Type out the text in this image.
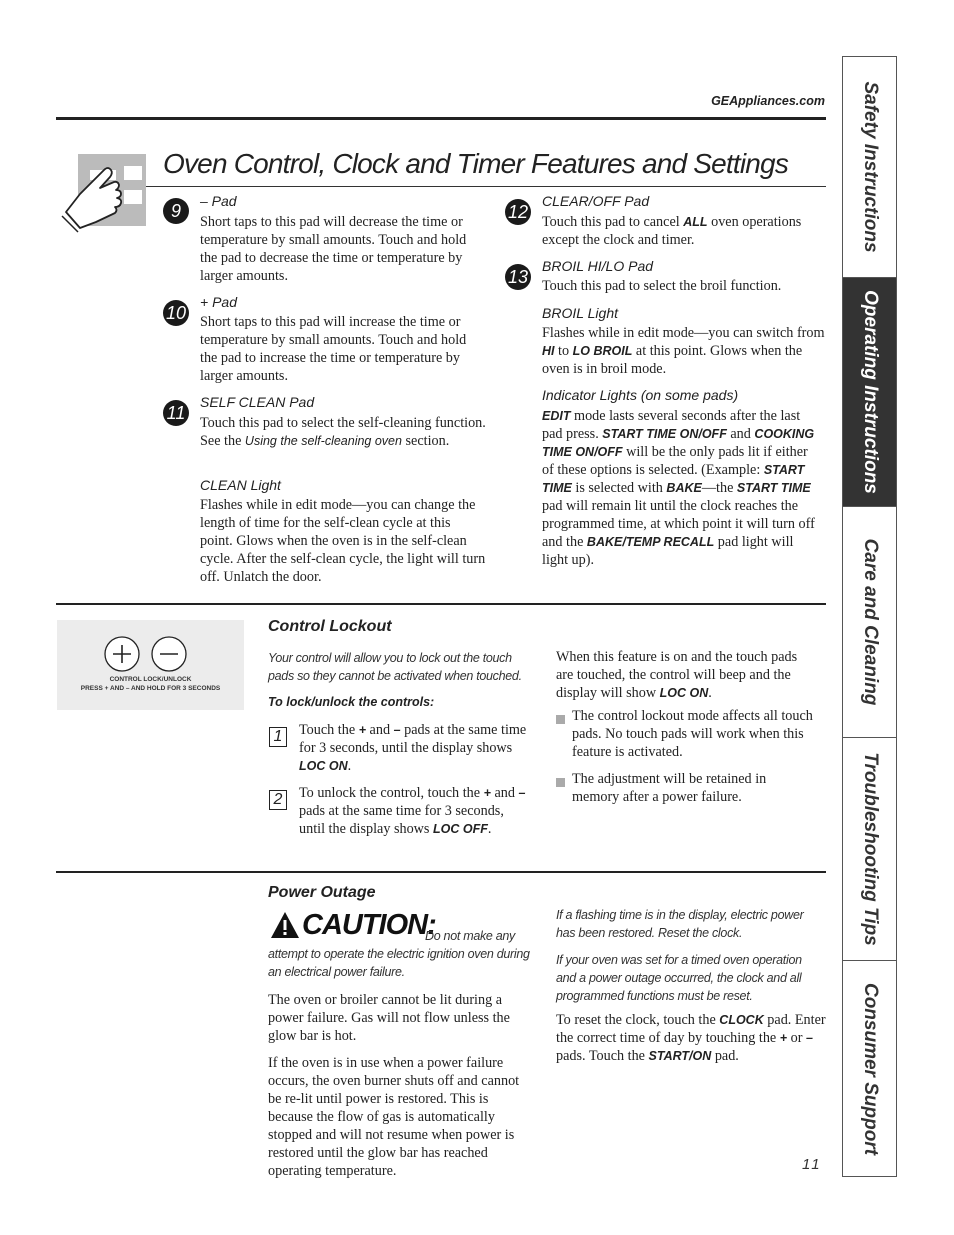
GEAppliances.com
Oven Control, Clock and Timer Features and Settings
9	– Pad
Short taps to this pad will decrease the time or temperature by small amounts. Touch and hold the pad to decrease the time or temperature by larger amounts.
10
+ Pad
Short taps to this pad will increase the time or temperature by small amounts. Touch and hold the pad to increase the time or temperature by larger amounts.
11
SELF CLEAN Pad
Touch this pad to select the self-cleaning function. See the Using the self-cleaning oven section.
CLEAN Light
Flashes while in edit mode—you can change the length of time for the self-clean cycle at this point. Glows when the oven is in the self-clean cycle. After the self-clean cycle, the light will turn off. Unlatch the door.
12
CLEAR/OFF Pad
Touch this pad to cancel ALL oven operations except the clock and timer.
13
BROIL HI/LO Pad
Touch this pad to select the broil function.
BROIL Light
Flashes while in edit mode—you can switch from HI to LO BROIL at this point. Glows when the oven is in broil mode.
Indicator Lights (on some pads)
EDIT mode lasts several seconds after the last pad press. START TIME ON/OFF and COOKING TIME ON/OFF will be the only pads lit if either of these options is selected. (Example: START TIME is selected with BAKE—the START TIME pad will remain lit until the clock reaches the programmed time, at which point it will turn off and the BAKE/TEMP RECALL pad light will light up).
CONTROL LOCK/UNLOCK
PRESS + AND – AND HOLD FOR 3 SECONDS
Control Lockout
Your control will allow you to lock out the touch pads so they cannot be activated when touched.
To lock/unlock the controls:
1	Touch the + and – pads at the same time for 3 seconds, until the display shows LOC ON.
2	To unlock the control, touch the + and – pads at the same time for 3 seconds, until the display shows LOC OFF.
When this feature is on and the touch pads are touched, the control will beep and the display will show LOC ON.
The control lockout mode affects all touch pads. No touch pads will work when this feature is activated.
The adjustment will be retained in memory after a power failure.
Power Outage
CAUTION:
Do not make any attempt to operate the electric ignition oven during an electrical power failure.
The oven or broiler cannot be lit during a power failure. Gas will not flow unless the glow bar is hot.
If the oven is in use when a power failure occurs, the oven burner shuts off and cannot be re-lit until power is restored. This is because the flow of gas is automatically stopped and will not resume when power is restored until the glow bar has reached operating temperature.
If a flashing time is in the display, electric power has been restored. Reset the clock.
If your oven was set for a timed oven operation and a power outage occurred, the clock and all programmed functions must be reset.
To reset the clock, touch the CLOCK pad. Enter the correct time of day by touching the + or – pads. Touch the START/ON pad.
11
Safety Instructions
Operating Instructions
Care and Cleaning
Troubleshooting Tips
Consumer Support
